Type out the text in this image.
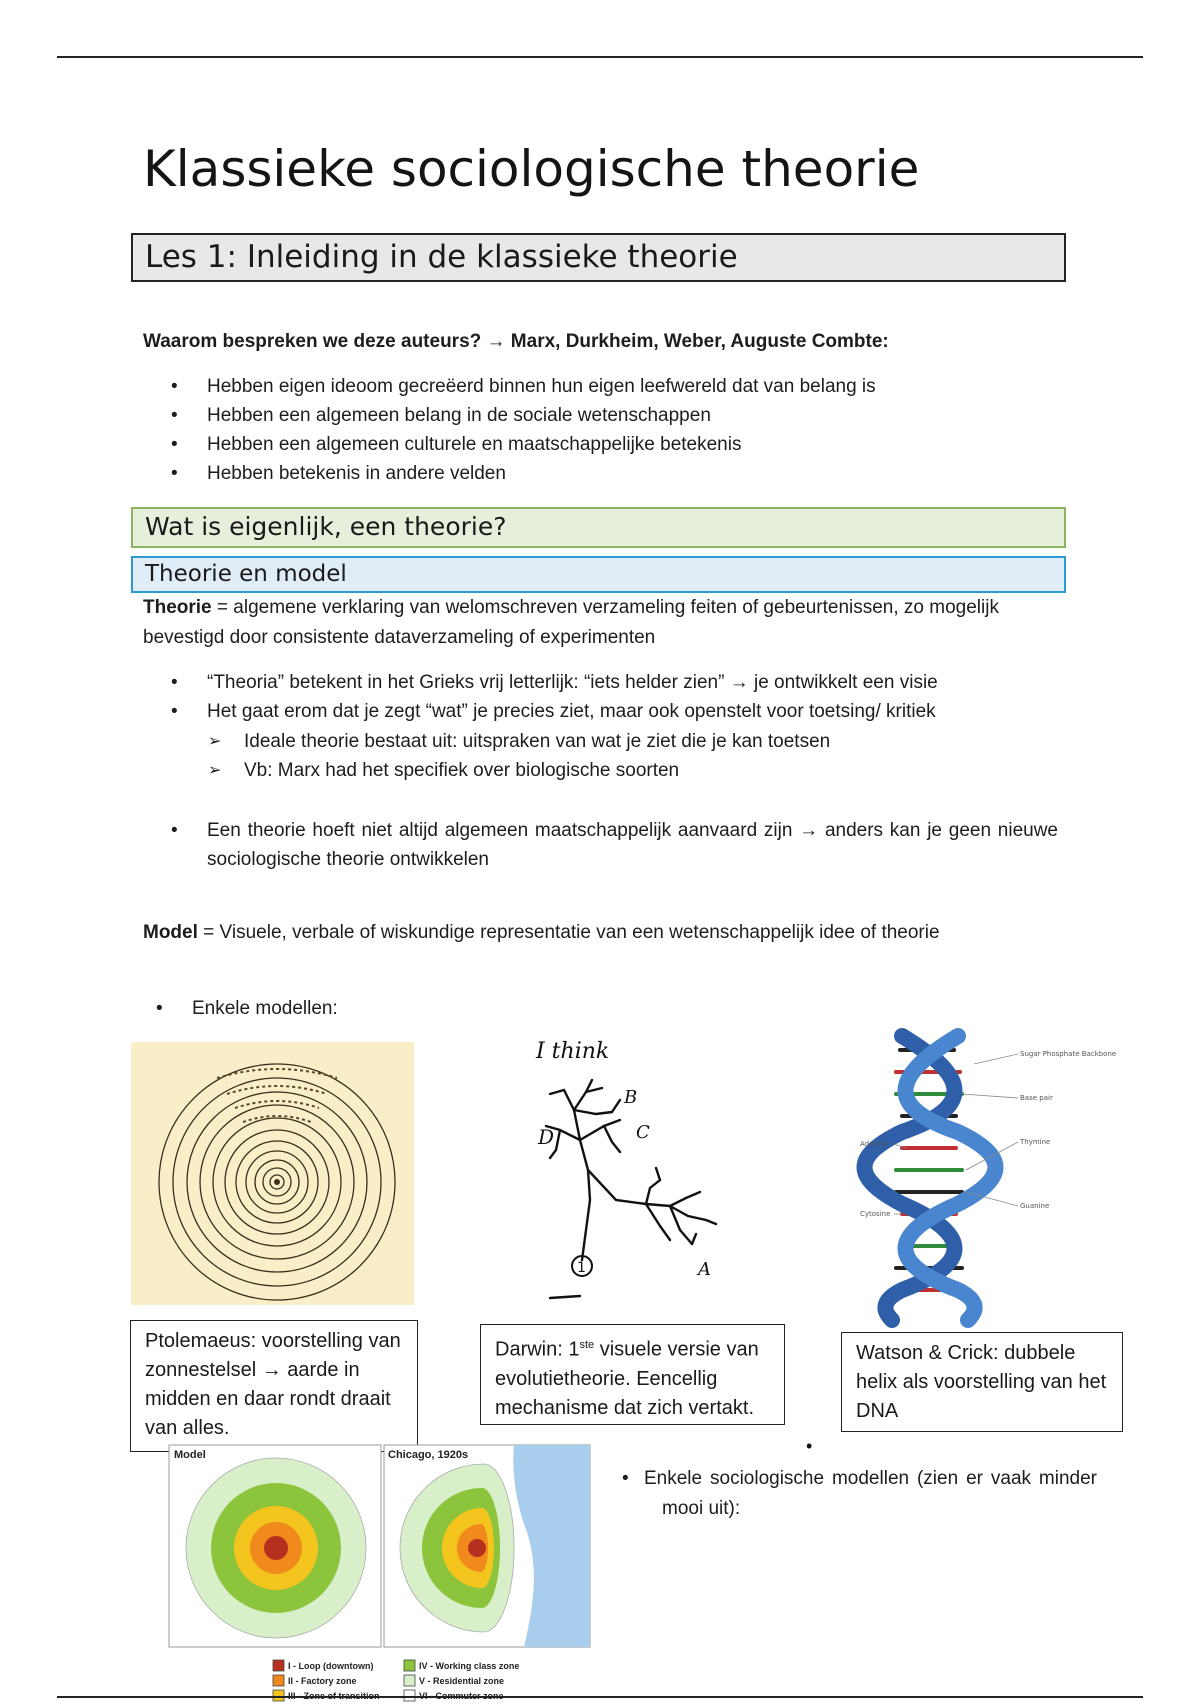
Klassieke sociologische theorie
Les 1: Inleiding in de klassieke theorie
Waarom bespreken we deze auteurs? → Marx, Durkheim, Weber, Auguste Combte:
• Hebben eigen ideoom gecreëerd binnen hun eigen leefwereld dat van belang is
• Hebben een algemeen belang in de sociale wetenschappen
• Hebben een algemeen culturele en maatschappelijke betekenis
• Hebben betekenis in andere velden
Wat is eigenlijk, een theorie?
Theorie en model
Theorie = algemene verklaring van welomschreven verzameling feiten of gebeurtenissen, zo mogelijk bevestigd door consistente dataverzameling of experimenten
• “Theoria” betekent in het Grieks vrij letterlijk: “iets helder zien” → je ontwikkelt een visie
• Het gaat erom dat je zegt “wat” je precies ziet, maar ook openstelt voor toetsing/ kritiek
➢ Ideale theorie bestaat uit: uitspraken van wat je ziet die je kan toetsen
➢ Vb: Marx had het specifiek over biologische soorten
• Een theorie hoeft niet altijd algemeen maatschappelijk aanvaard zijn → anders kan je geen nieuwe sociologische theorie ontwikkelen
Model = Visuele, verbale of wiskundige representatie van een wetenschappelijk idee of theorie
• Enkele modellen:
I think
1	A
B
C
D
Sugar Phosphate Backbone
Base pair
Adenine	Thymine
Cytosine
Guanine
Ptolemaeus: voorstelling van zonnestelsel → aarde in midden en daar rondt draait van alles.
Darwin: 1ste visuele versie van evolutietheorie. Eencellig mechanisme dat zich vertakt.
Watson & Crick: dubbele helix als voorstelling van het DNA
•
• Enkele sociologische modellen (zien er vaak minder mooi uit):
Model	Chicago, 1920s
I - Loop (downtown)
II - Factory zone
III - Zone of transition
IV - Working class zone
V - Residential zone
VI - Commuter zone
